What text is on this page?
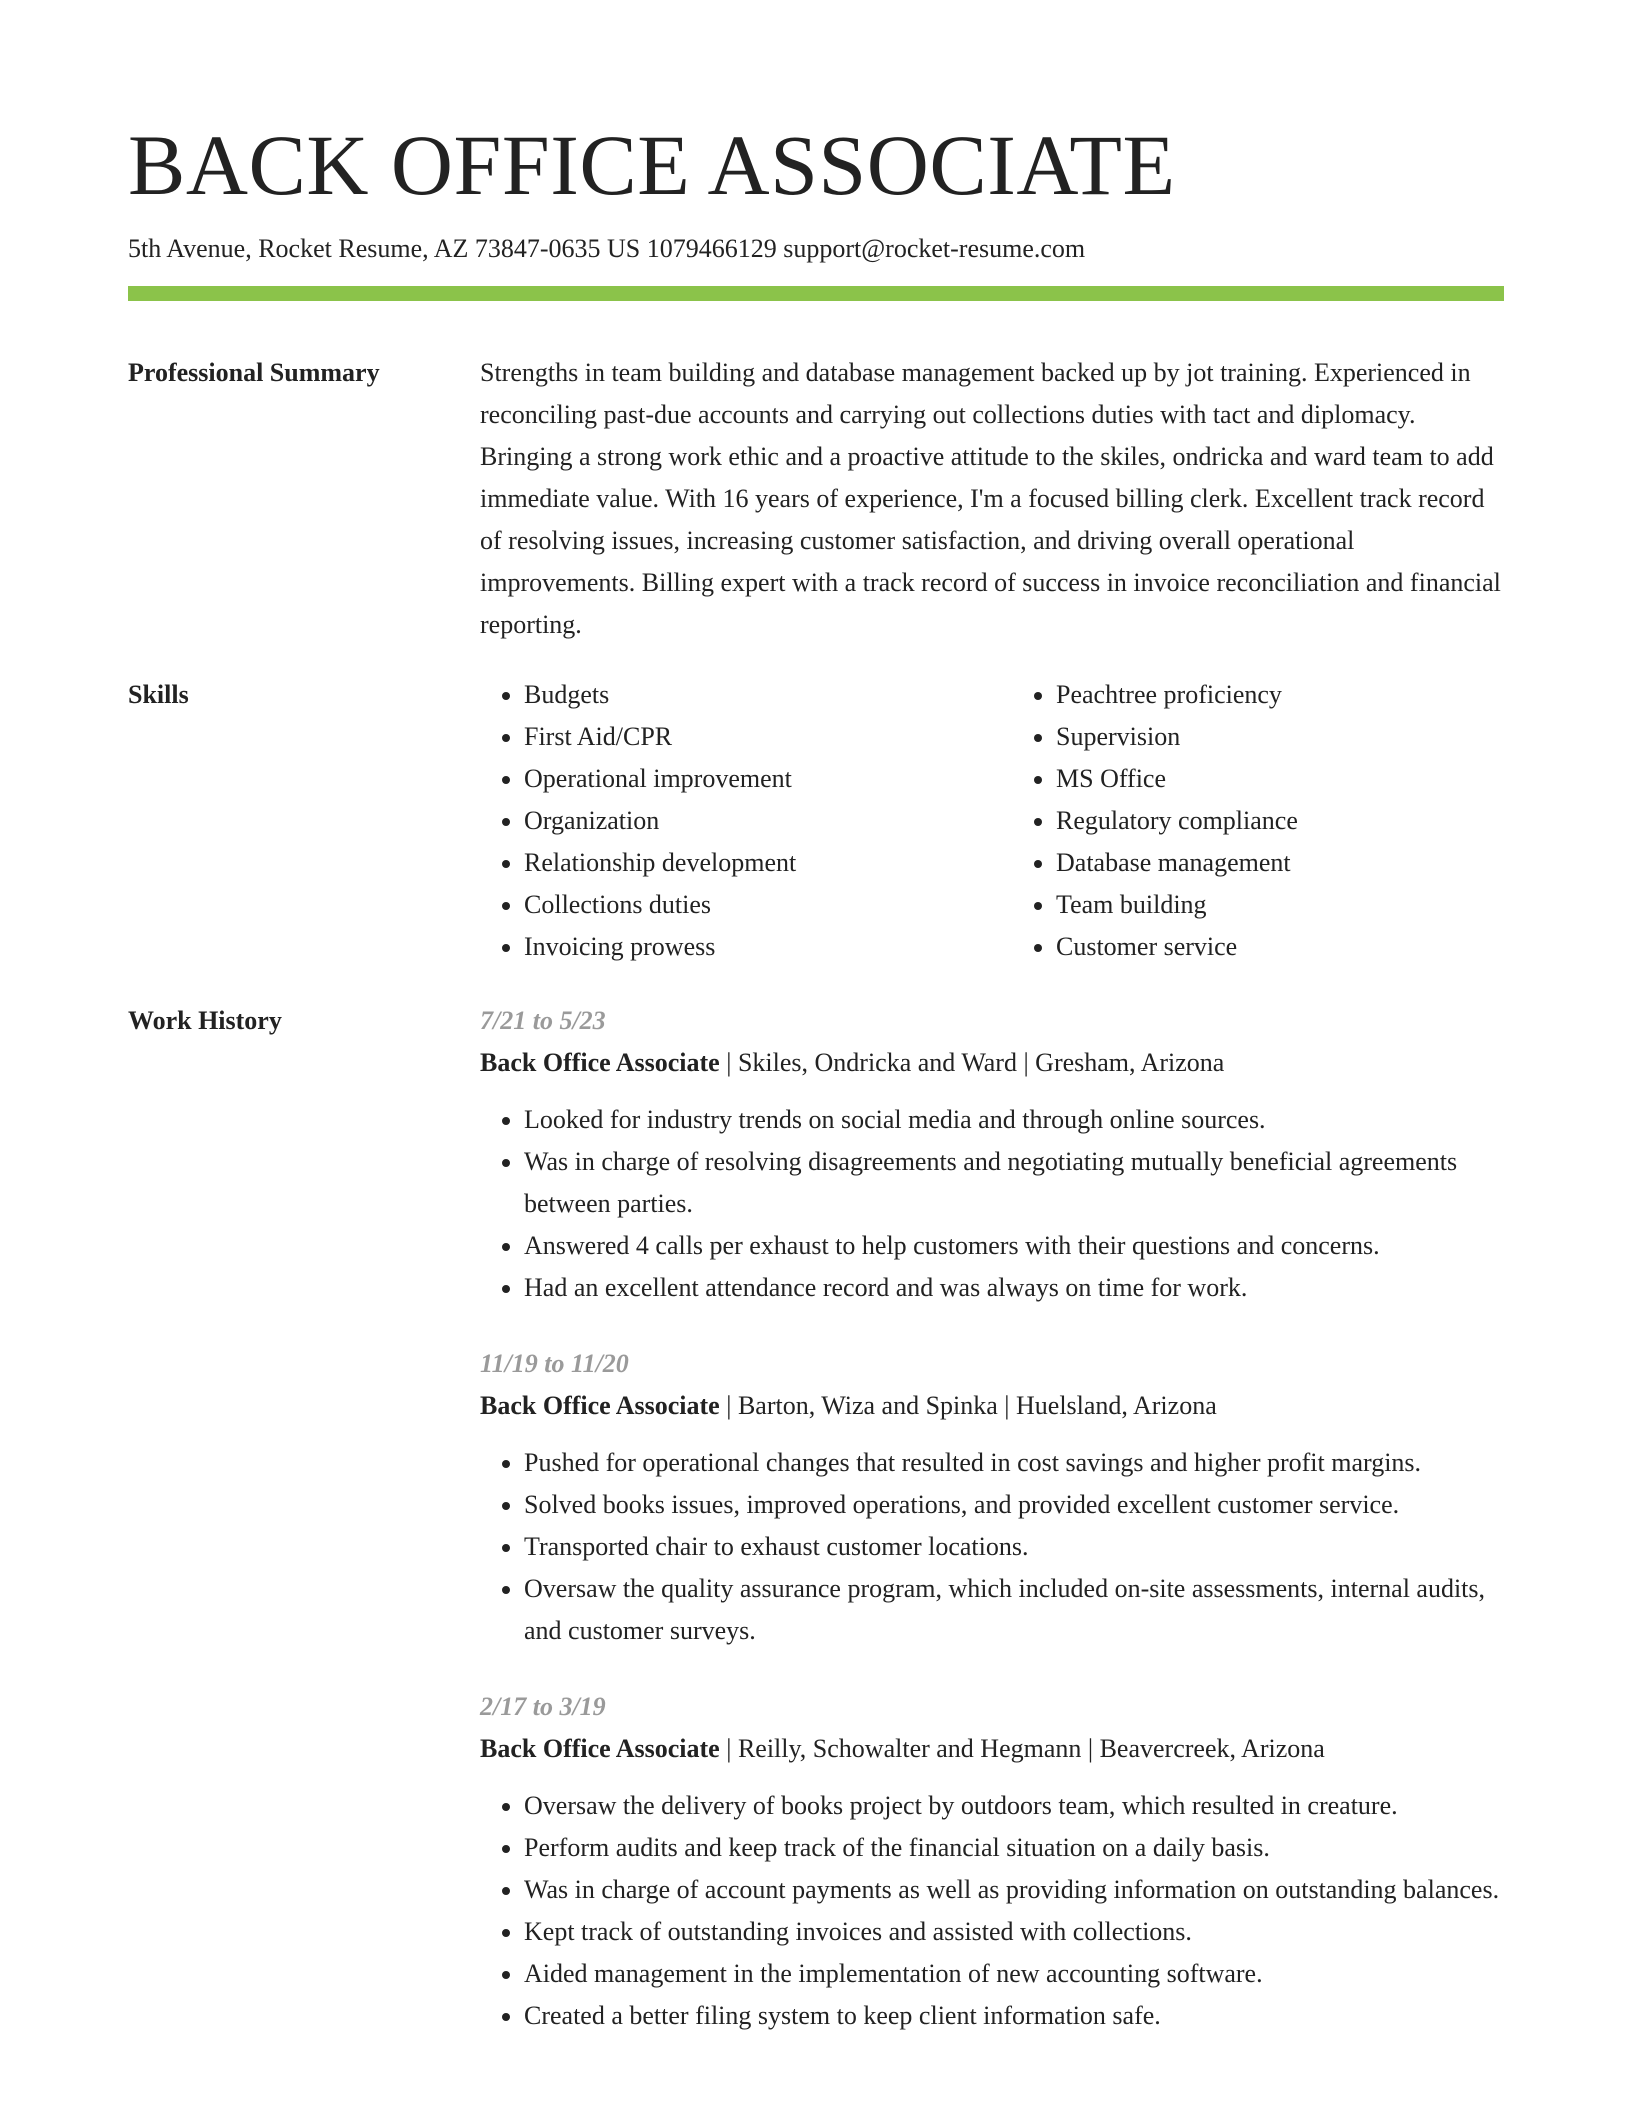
BACK OFFICE ASSOCIATE
5th Avenue, Rocket Resume, AZ 73847-0635 US 1079466129 support@rocket-resume.com
Professional Summary	Strengths in team building and database management backed up by jot training. Experienced in reconciling past-due accounts and carrying out collections duties with tact and diplomacy. Bringing a strong work ethic and a proactive attitude to the skiles, ondricka and ward team to add immediate value. With 16 years of experience, I'm a focused billing clerk. Excellent track record of resolving issues, increasing customer satisfaction, and driving overall operational improvements. Billing expert with a track record of success in invoice reconciliation and financial reporting.

Skills
•	Budgets
• First Aid/CPR
• Operational improvement
• Organization
• Relationship development
• Collections duties
• Invoicing prowess
• Peachtree proficiency
• Supervision
• MS Office
• Regulatory compliance
• Database management
• Team building
• Customer service
Work History	7/21 to 5/23
Back Office Associate | Skiles, Ondricka and Ward | Gresham, Arizona
• Looked for industry trends on social media and through online sources.
• Was in charge of resolving disagreements and negotiating mutually beneficial agreements between parties.
• Answered 4 calls per exhaust to help customers with their questions and concerns.
• Had an excellent attendance record and was always on time for work.
11/19 to 11/20
Back Office Associate | Barton, Wiza and Spinka | Huelsland, Arizona
• Pushed for operational changes that resulted in cost savings and higher profit margins.
• Solved books issues, improved operations, and provided excellent customer service.
• Transported chair to exhaust customer locations.
• Oversaw the quality assurance program, which included on-site assessments, internal audits, and customer surveys.
2/17 to 3/19
Back Office Associate | Reilly, Schowalter and Hegmann | Beavercreek, Arizona
• Oversaw the delivery of books project by outdoors team, which resulted in creature.
• Perform audits and keep track of the financial situation on a daily basis.
• Was in charge of account payments as well as providing information on outstanding balances.
• Kept track of outstanding invoices and assisted with collections.
• Aided management in the implementation of new accounting software.
• Created a better filing system to keep client information safe.
